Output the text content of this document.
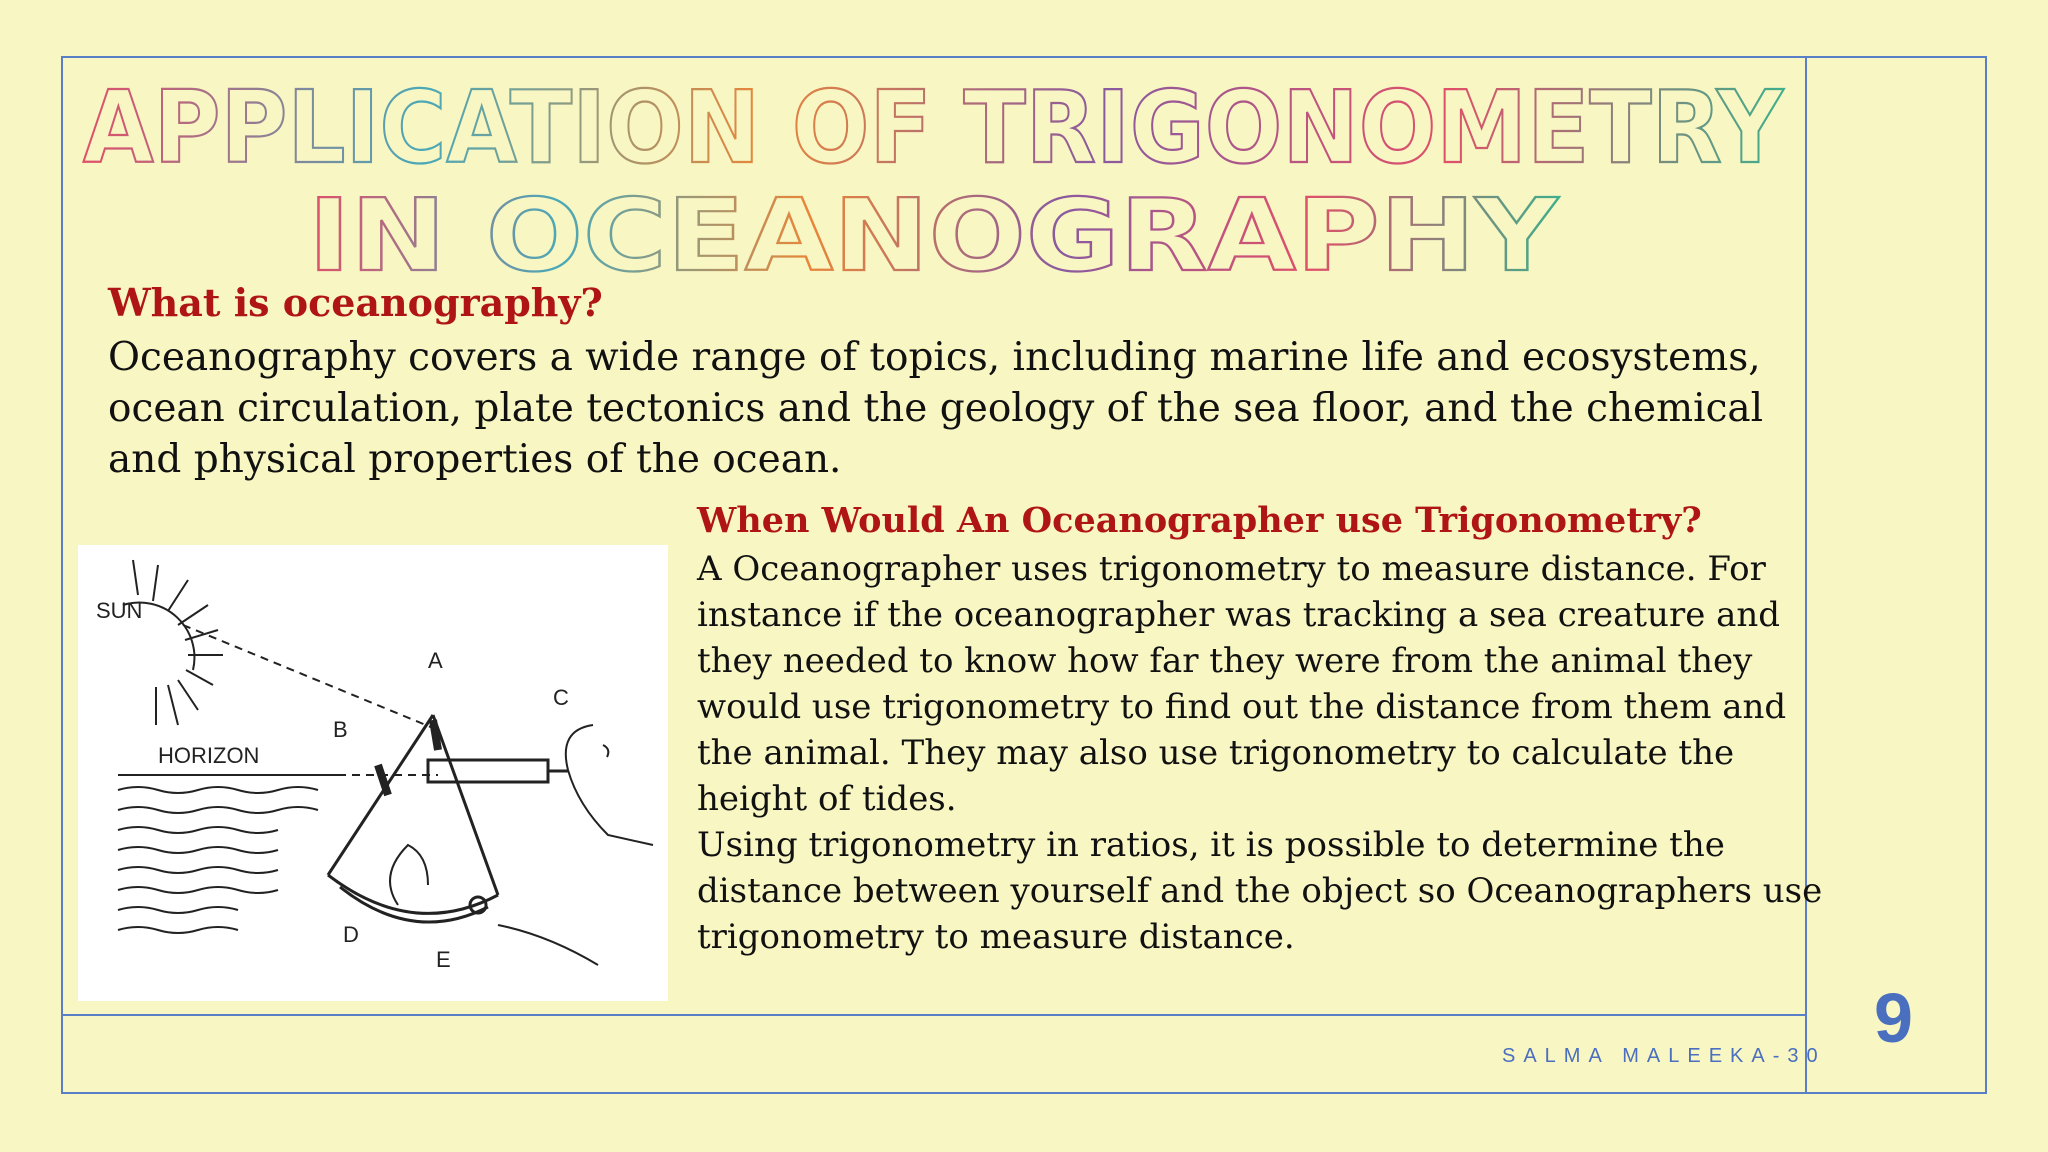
APPLICATION OF TRIGONOMETRY
IN OCEANOGRAPHY
What is oceanography?
Oceanography covers a wide range of topics, including marine life and ecosystems,
ocean circulation, plate tectonics and the geology of the sea floor, and the chemical
and physical properties of the ocean.
SUN
HORIZON
A
B
C
D
E
When Would An Oceanographer use Trigonometry?
A Oceanographer uses trigonometry to measure distance. For
instance if the oceanographer was tracking a sea creature and
they needed to know how far they were from the animal they
would use trigonometry to find out the distance from them and
the animal. They may also use trigonometry to calculate the
height of tides.
Using trigonometry in ratios, it is possible to determine the
distance between yourself and the object so Oceanographers use
trigonometry to measure distance.
SALMA MALEEKA-30 9
